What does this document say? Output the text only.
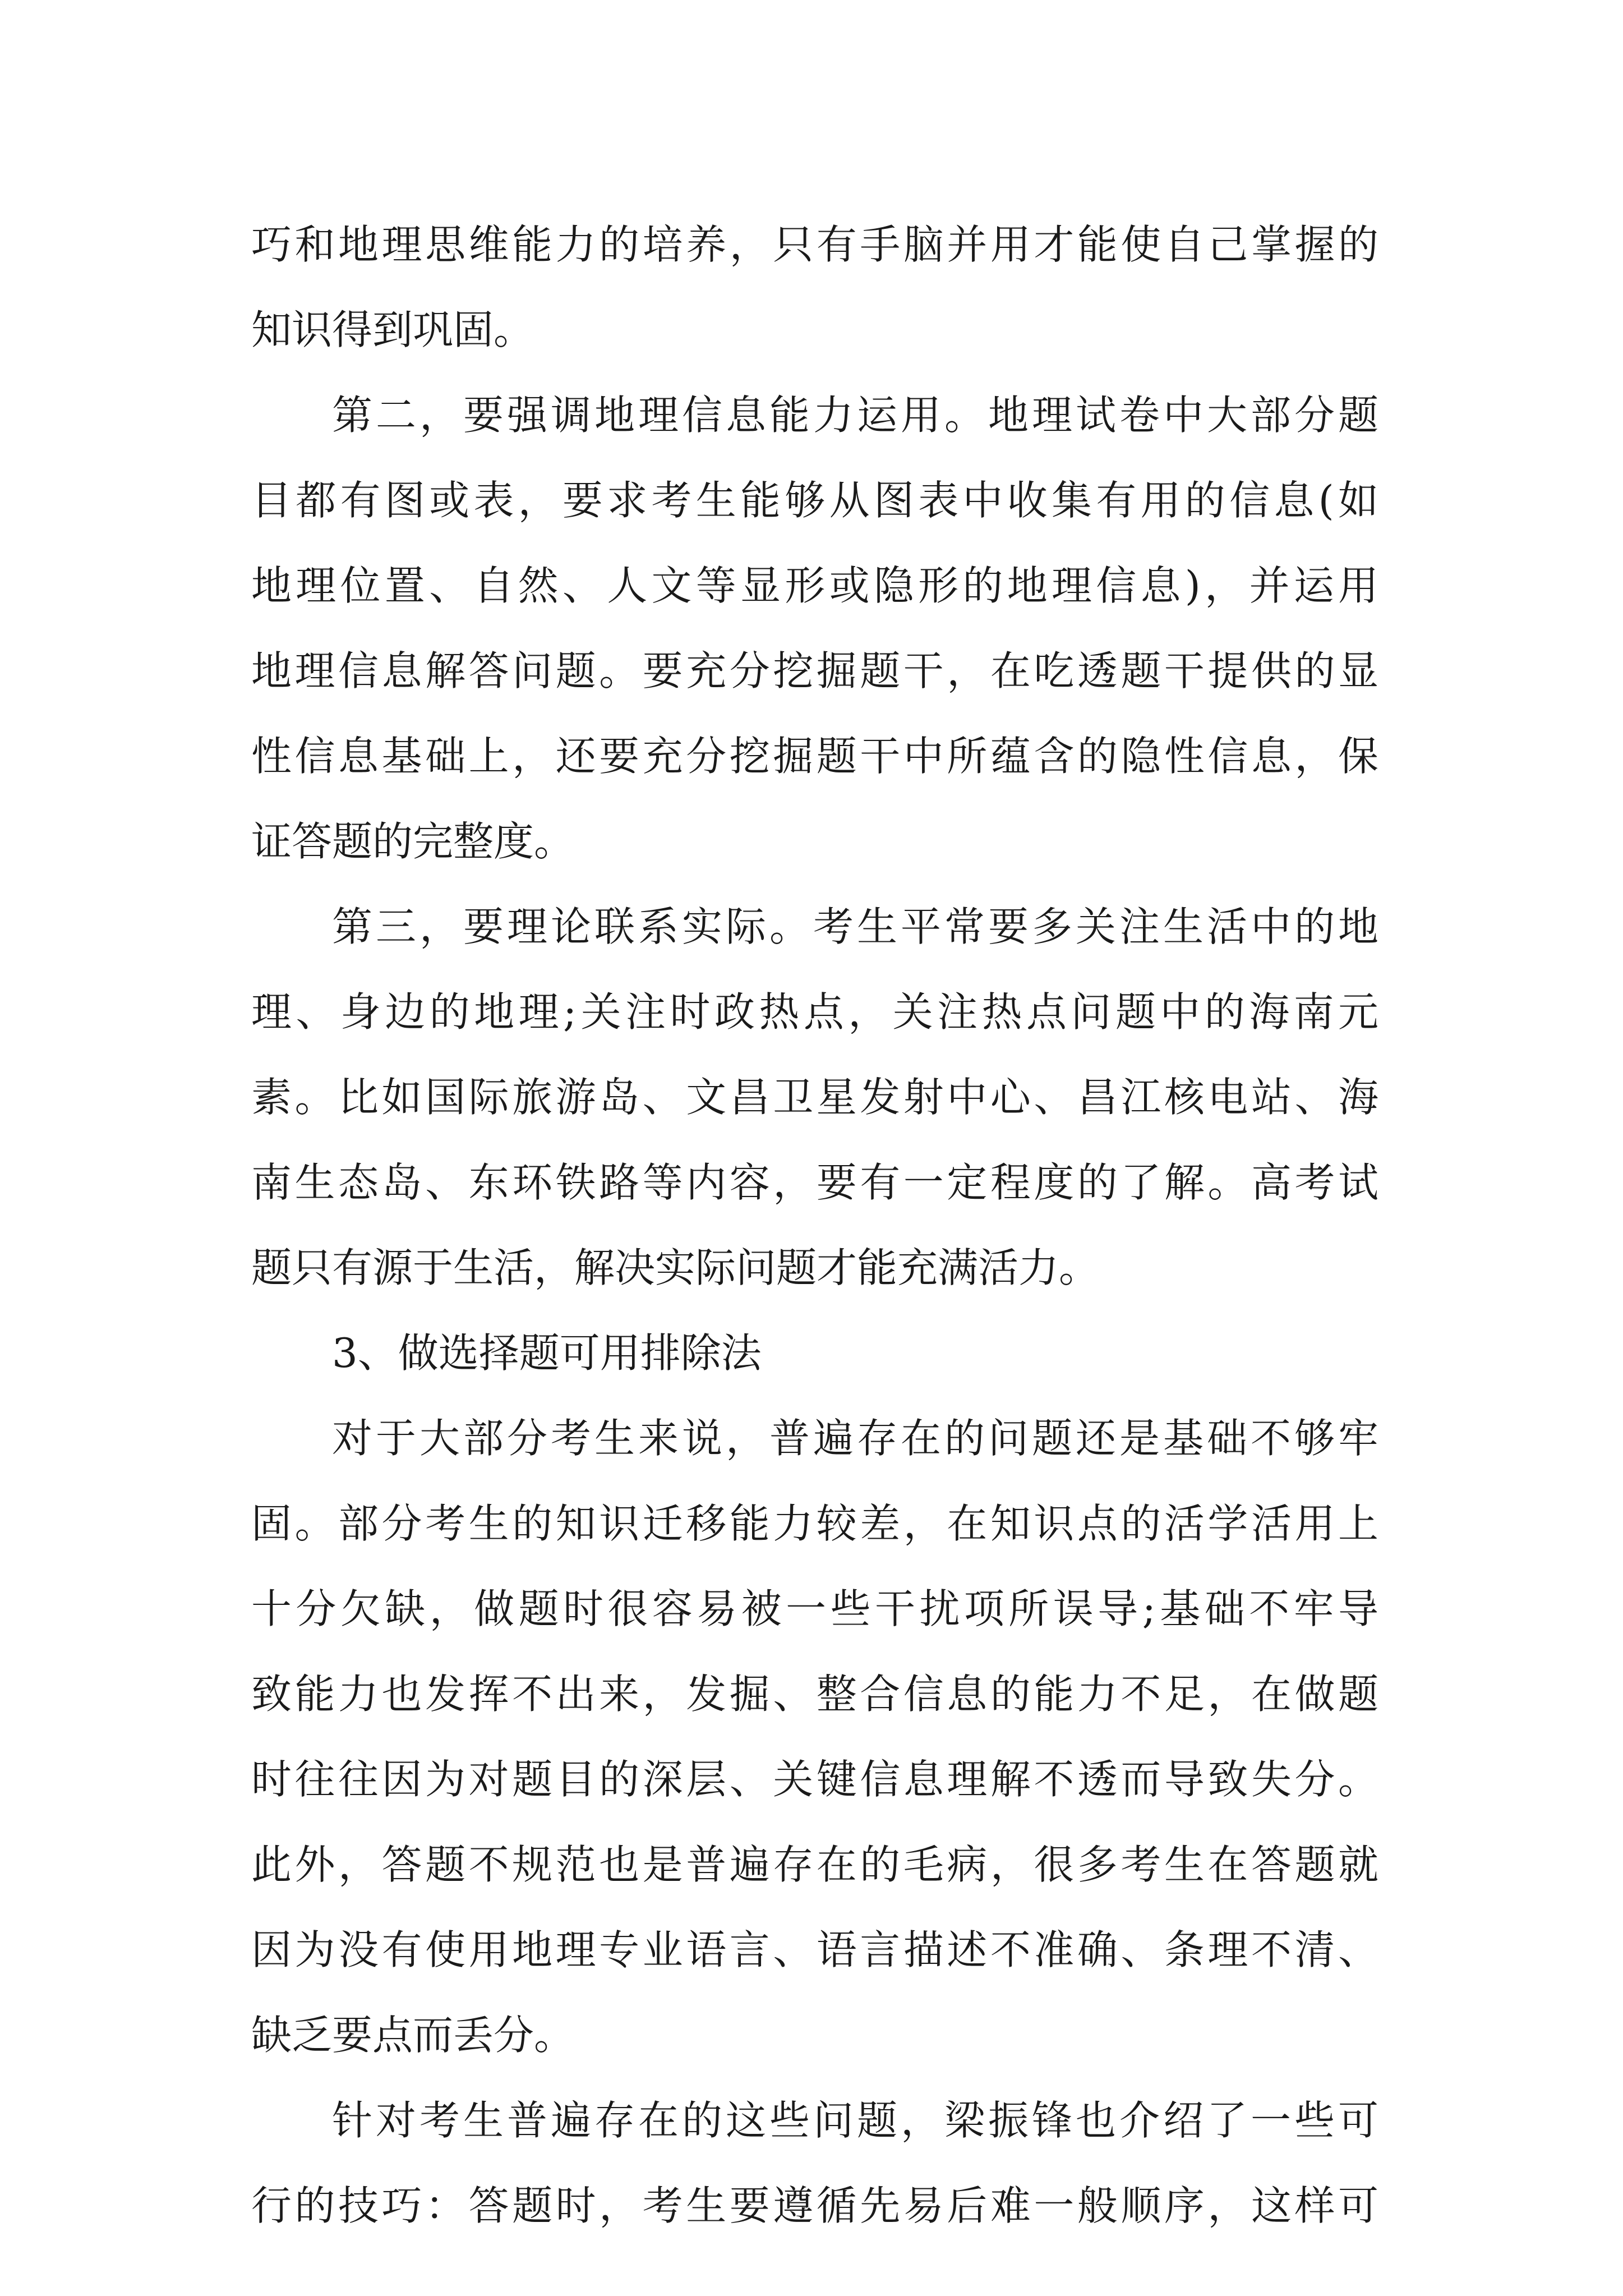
巧和地理思维能力的培养，只有手脑并用才能使自己掌握的
知识得到巩固。
第二，要强调地理信息能力运用。地理试卷中大部分题
目都有图或表，要求考生能够从图表中收集有用的信息(如
地理位置、自然、人文等显形或隐形的地理信息)，并运用
地理信息解答问题。要充分挖掘题干，在吃透题干提供的显
性信息基础上，还要充分挖掘题干中所蕴含的隐性信息，保
证答题的完整度。
第三，要理论联系实际。考生平常要多关注生活中的地
理、身边的地理;关注时政热点，关注热点问题中的海南元
素。比如国际旅游岛、文昌卫星发射中心、昌江核电站、海
南生态岛、东环铁路等内容，要有一定程度的了解。高考试
题只有源于生活，解决实际问题才能充满活力。
3、做选择题可用排除法
对于大部分考生来说，普遍存在的问题还是基础不够牢
固。部分考生的知识迁移能力较差，在知识点的活学活用上
十分欠缺，做题时很容易被一些干扰项所误导;基础不牢导
致能力也发挥不出来，发掘、整合信息的能力不足，在做题
时往往因为对题目的深层、关键信息理解不透而导致失分。
此外，答题不规范也是普遍存在的毛病，很多考生在答题就
因为没有使用地理专业语言、语言描述不准确、条理不清、
缺乏要点而丢分。
针对考生普遍存在的这些问题，梁振锋也介绍了一些可
行的技巧：答题时，考生要遵循先易后难一般顺序，这样可
